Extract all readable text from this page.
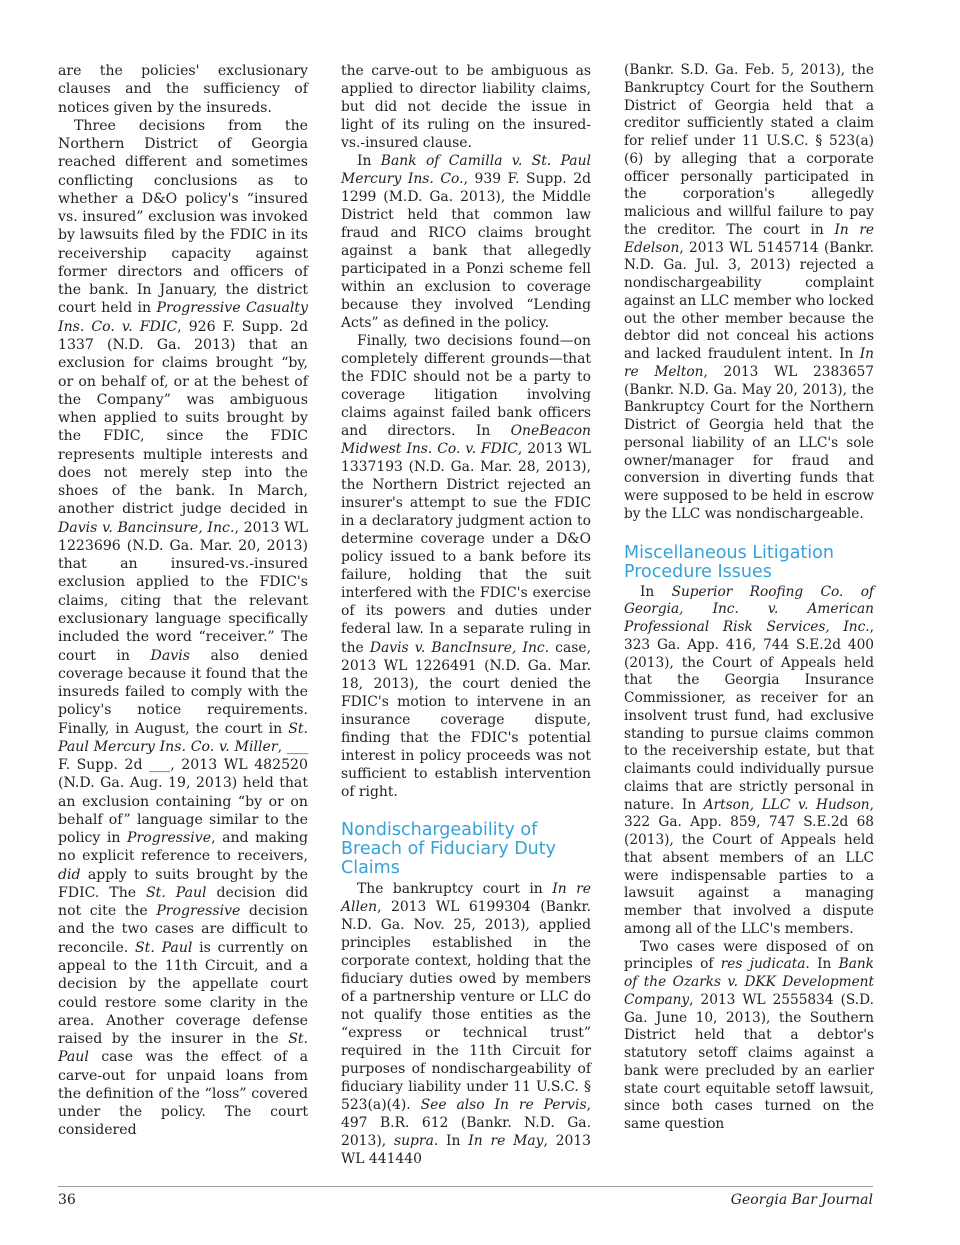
are the policies' exclusionary clauses and the sufficiency of notices given by the insureds.

Three decisions from the Northern District of Georgia reached different and sometimes conflicting conclusions as to whether a D&O policy's “insured vs. insured” exclusion was invoked by lawsuits filed by the FDIC in its receivership capacity against former directors and officers of the bank. In January, the district court held in Progressive Casualty Ins. Co. v. FDIC, 926 F. Supp. 2d 1337 (N.D. Ga. 2013) that an exclusion for claims brought “by, or on behalf of, or at the behest of the Company” was ambiguous when applied to suits brought by the FDIC, since the FDIC represents multiple interests and does not merely step into the shoes of the bank. In March, another district judge decided in Davis v. Bancinsure, Inc., 2013 WL 1223696 (N.D. Ga. Mar. 20, 2013) that an insured-vs.-insured exclusion applied to the FDIC's claims, citing that the relevant exclusionary language specifically included the word “receiver.” The court in Davis also denied coverage because it found that the insureds failed to comply with the policy's notice requirements. Finally, in August, the court in St. Paul Mercury Ins. Co. v. Miller, ___ F. Supp. 2d ___, 2013 WL 482520 (N.D. Ga. Aug. 19, 2013) held that an exclusion containing “by or on behalf of” language similar to the policy in Progressive, and making no explicit reference to receivers, did apply to suits brought by the FDIC. The St. Paul decision did not cite the Progressive decision and the two cases are difficult to reconcile. St. Paul is currently on appeal to the 11th Circuit, and a decision by the appellate court could restore some clarity in the area. Another coverage defense raised by the insurer in the St. Paul case was the effect of a carve-out for unpaid loans from the definition of the “loss” covered under the policy. The court considered

the carve-out to be ambiguous as applied to director liability claims, but did not decide the issue in light of its ruling on the insured-vs.-insured clause.

In Bank of Camilla v. St. Paul Mercury Ins. Co., 939 F. Supp. 2d 1299 (M.D. Ga. 2013), the Middle District held that common law fraud and RICO claims brought against a bank that allegedly participated in a Ponzi scheme fell within an exclusion to coverage because they involved “Lending Acts” as defined in the policy.

Finally, two decisions found—on completely different grounds—that the FDIC should not be a party to coverage litigation involving claims against failed bank officers and directors. In OneBeacon Midwest Ins. Co. v. FDIC, 2013 WL 1337193 (N.D. Ga. Mar. 28, 2013), the Northern District rejected an insurer's attempt to sue the FDIC in a declaratory judgment action to determine coverage under a D&O policy issued to a bank before its failure, holding that the suit interfered with the FDIC's exercise of its powers and duties under federal law. In a separate ruling in the Davis v. BancInsure, Inc. case, 2013 WL 1226491 (N.D. Ga. Mar. 18, 2013), the court denied the FDIC's motion to intervene in an insurance coverage dispute, finding that the FDIC's potential interest in policy proceeds was not sufficient to establish intervention of right.

Nondischargeability of Breach of Fiduciary Duty Claims

The bankruptcy court in In re Allen, 2013 WL 6199304 (Bankr. N.D. Ga. Nov. 25, 2013), applied principles established in the corporate context, holding that the fiduciary duties owed by members of a partnership venture or LLC do not qualify those entities as the “express or technical trust” required in the 11th Circuit for purposes of nondischargeability of fiduciary liability under 11 U.S.C. § 523(a)(4). See also In re Pervis, 497 B.R. 612 (Bankr. N.D. Ga. 2013), supra. In In re May, 2013 WL 441440

(Bankr. S.D. Ga. Feb. 5, 2013), the Bankruptcy Court for the Southern District of Georgia held that a creditor sufficiently stated a claim for relief under 11 U.S.C. § 523(a)(6) by alleging that a corporate officer personally participated in the corporation's allegedly malicious and willful failure to pay the creditor. The court in In re Edelson, 2013 WL 5145714 (Bankr. N.D. Ga. Jul. 3, 2013) rejected a nondischargeability complaint against an LLC member who locked out the other member because the debtor did not conceal his actions and lacked fraudulent intent. In In re Melton, 2013 WL 2383657 (Bankr. N.D. Ga. May 20, 2013), the Bankruptcy Court for the Northern District of Georgia held that the personal liability of an LLC's sole owner/manager for fraud and conversion in diverting funds that were supposed to be held in escrow by the LLC was nondischargeable.

Miscellaneous Litigation Procedure Issues

In Superior Roofing Co. of Georgia, Inc. v. American Professional Risk Services, Inc., 323 Ga. App. 416, 744 S.E.2d 400 (2013), the Court of Appeals held that the Georgia Insurance Commissioner, as receiver for an insolvent trust fund, had exclusive standing to pursue claims common to the receivership estate, but that claimants could individually pursue claims that are strictly personal in nature. In Artson, LLC v. Hudson, 322 Ga. App. 859, 747 S.E.2d 68 (2013), the Court of Appeals held that absent members of an LLC were indispensable parties to a lawsuit against a managing member that involved a dispute among all of the LLC's members.

Two cases were disposed of on principles of res judicata. In Bank of the Ozarks v. DKK Development Company, 2013 WL 2555834 (S.D. Ga. June 10, 2013), the Southern District held that a debtor's statutory setoff claims against a bank were precluded by an earlier state court equitable setoff lawsuit, since both cases turned on the same question

36	Georgia Bar Journal
